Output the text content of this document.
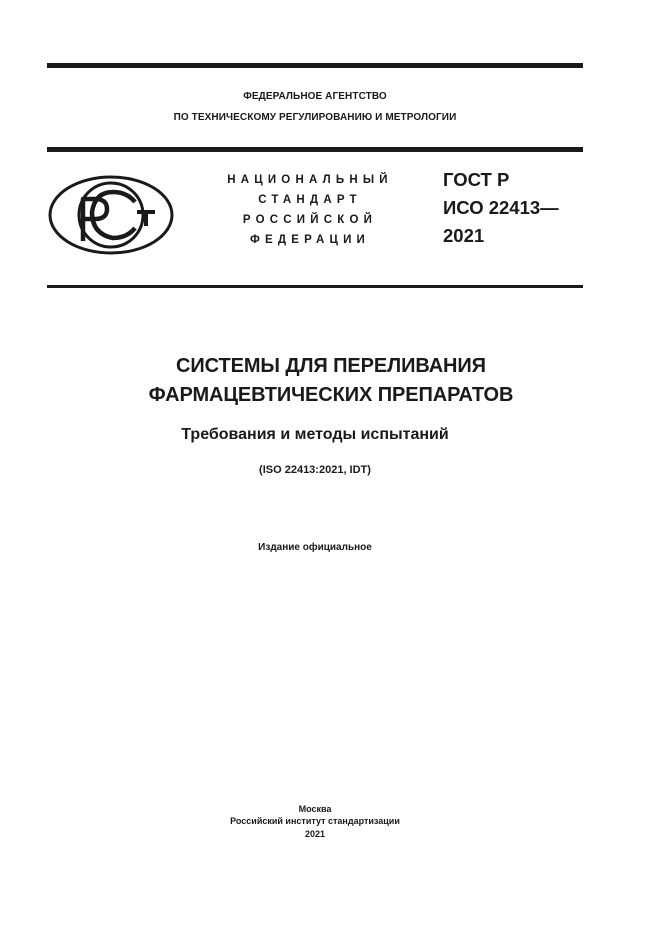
ФЕДЕРАЛЬНОЕ АГЕНТСТВО
ПО ТЕХНИЧЕСКОМУ РЕГУЛИРОВАНИЮ И МЕТРОЛОГИИ
НАЦИОНАЛЬНЫЙ
СТАНДАРТ
РОССИЙСКОЙ
ФЕДЕРАЦИИ
ГОСТ Р
ИСО 22413—
2021
СИСТЕМЫ ДЛЯ ПЕРЕЛИВАНИЯ
ФАРМАЦЕВТИЧЕСКИХ ПРЕПАРАТОВ
Требования и методы испытаний
(ISO 22413:2021, IDT)
Издание официальное
Москва
Российский институт стандартизации
2021
